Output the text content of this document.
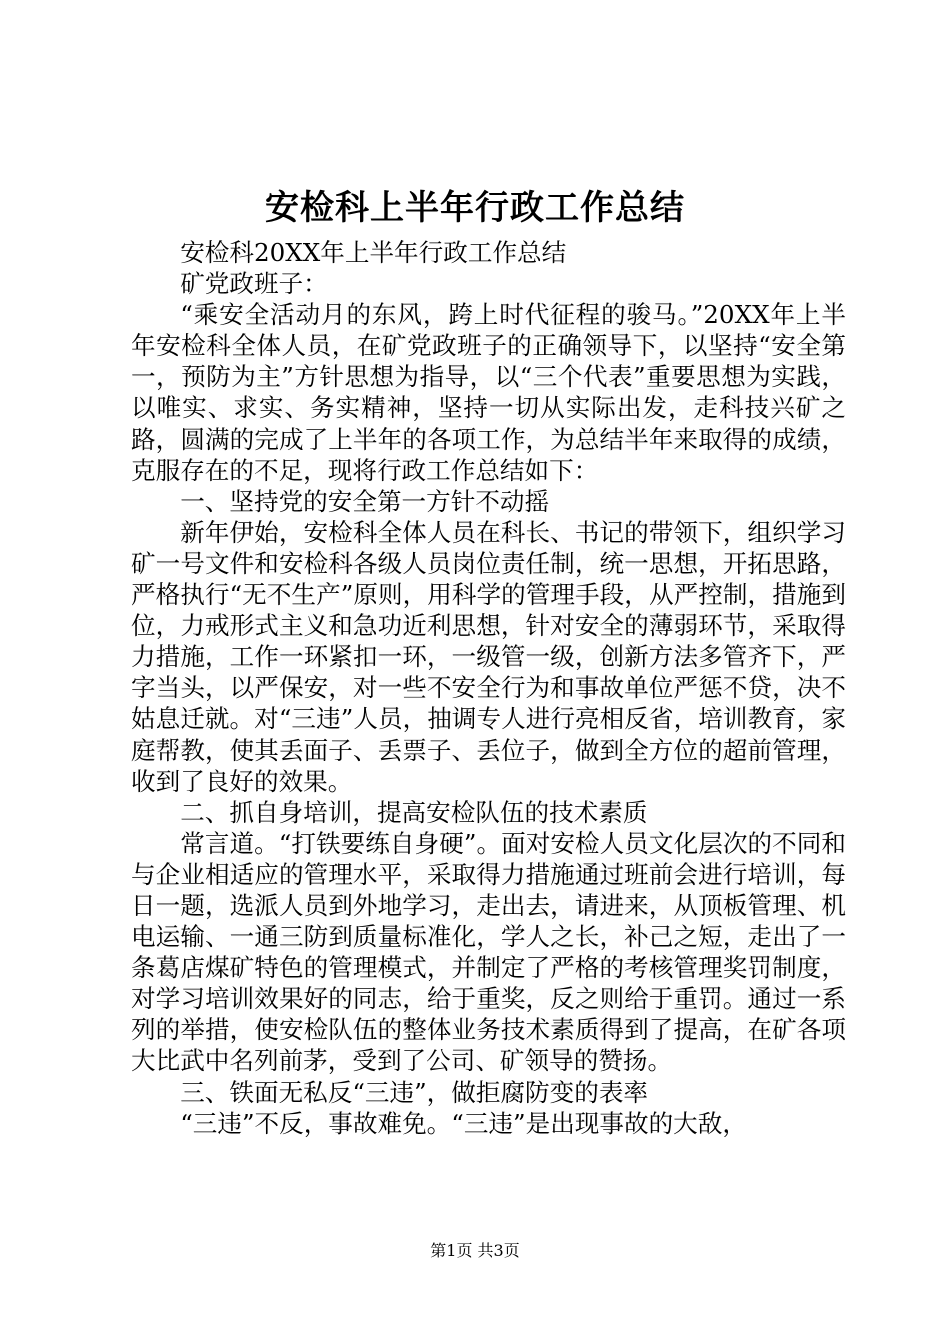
安检科上半年行政工作总结

安检科20XX年上半年行政工作总结

矿党政班子：

“乘安全活动月的东风，跨上时代征程的骏马。”20XX年上半年安检科全体人员，在矿党政班子的正确领导下，以坚持“安全第一，预防为主”方针思想为指导，以“三个代表”重要思想为实践，以唯实、求实、务实精神，坚持一切从实际出发，走科技兴矿之路，圆满的完成了上半年的各项工作，为总结半年来取得的成绩，克服存在的不足，现将行政工作总结如下：

一、坚持党的安全第一方针不动摇

新年伊始，安检科全体人员在科长、书记的带领下，组织学习矿一号文件和安检科各级人员岗位责任制，统一思想，开拓思路，严格执行“无不生产”原则，用科学的管理手段，从严控制，措施到位，力戒形式主义和急功近利思想，针对安全的薄弱环节，采取得力措施，工作一环紧扣一环，一级管一级，创新方法多管齐下，严字当头，以严保安，对一些不安全行为和事故单位严惩不贷，决不姑息迁就。对“三违”人员，抽调专人进行亮相反省，培训教育，家庭帮教，使其丢面子、丢票子、丢位子，做到全方位的超前管理，收到了良好的效果。

二、抓自身培训，提高安检队伍的技术素质

常言道。“打铁要练自身硬”。面对安检人员文化层次的不同和与企业相适应的管理水平，采取得力措施通过班前会进行培训，每日一题，选派人员到外地学习，走出去，请进来，从顶板管理、机电运输、一通三防到质量标准化，学人之长，补己之短，走出了一条葛店煤矿特色的管理模式，并制定了严格的考核管理奖罚制度，对学习培训效果好的同志，给于重奖，反之则给于重罚。通过一系列的举措，使安检队伍的整体业务技术素质得到了提高，在矿各项大比武中名列前茅，受到了公司、矿领导的赞扬。

三、铁面无私反“三违”，做拒腐防变的表率

“三违”不反，事故难免。“三违”是出现事故的大敌，

第1页 共3页
